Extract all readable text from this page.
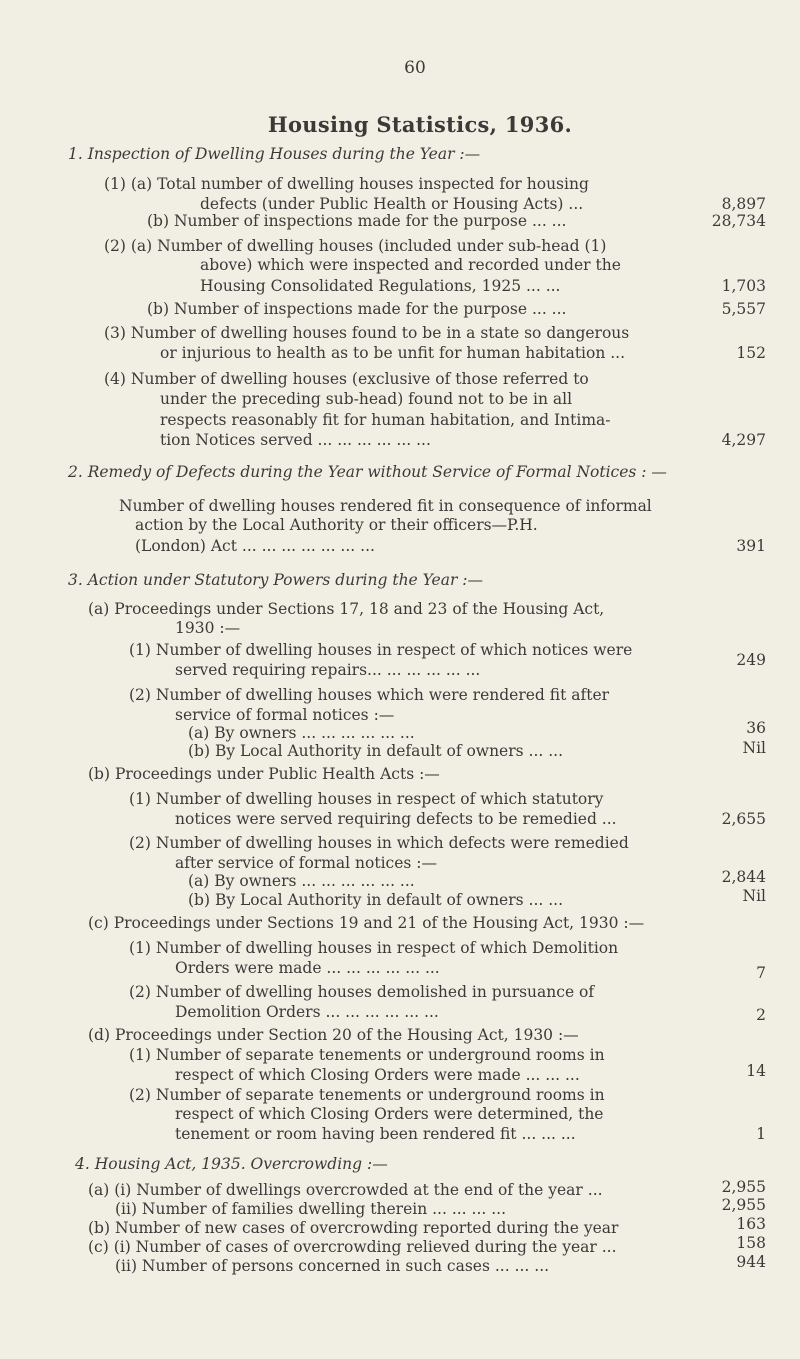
60
Housing Statistics, 1936.
1. Inspection of Dwelling Houses during the Year :—
(1) (a) Total number of dwelling houses inspected for housing
defects (under Public Health or Housing Acts) ...	8,897
(b) Number of inspections made for the purpose ... ...	28,734
(2) (a) Number of dwelling houses (included under sub-head (1)
above) which were inspected and recorded under the
Housing Consolidated Regulations, 1925 ... ...	1,703
(b) Number of inspections made for the purpose ... ...	5,557
(3) Number of dwelling houses found to be in a state so dangerous
or injurious to health as to be unfit for human habitation ...	152
(4) Number of dwelling houses (exclusive of those referred to
under the preceding sub-head) found not to be in all
respects reasonably fit for human habitation, and Intima-
tion Notices served ... ... ... ... ... ...	4,297
2. Remedy of Defects during the Year without Service of Formal Notices : —
Number of dwelling houses rendered fit in consequence of informal
action by the Local Authority or their officers—P.H.
(London) Act ... ... ... ... ... ... ...	391
3. Action under Statutory Powers during the Year :—
(a) Proceedings under Sections 17, 18 and 23 of the Housing Act,
1930 :—
(1) Number of dwelling houses in respect of which notices were
served requiring repairs... ... ... ... ... ...
249
(2) Number of dwelling houses which were rendered fit after
service of formal notices :—
(a) By owners ... ... ... ... ... ...	36
(b) By Local Authority in default of owners ... ...	Nil
(b) Proceedings under Public Health Acts :—
(1) Number of dwelling houses in respect of which statutory
notices were served requiring defects to be remedied ...	2,655
(2) Number of dwelling houses in which defects were remedied
after service of formal notices :—
(a) By owners ... ... ... ... ... ...	2,844
(b) By Local Authority in default of owners ... ...	Nil
(c) Proceedings under Sections 19 and 21 of the Housing Act, 1930 :—
(1) Number of dwelling houses in respect of which Demolition
Orders were made ... ... ... ... ... ...	7
(2) Number of dwelling houses demolished in pursuance of
Demolition Orders ... ... ... ... ... ...	2
(d) Proceedings under Section 20 of the Housing Act, 1930 :—
(1) Number of separate tenements or underground rooms in
respect of which Closing Orders were made ... ... ...	14
(2) Number of separate tenements or underground rooms in
respect of which Closing Orders were determined, the
tenement or room having been rendered fit ... ... ...	1
4. Housing Act, 1935. Overcrowding :—
(a) (i) Number of dwellings overcrowded at the end of the year ...	2,955
(ii) Number of families dwelling therein ... ... ... ...	2,955
(b) Number of new cases of overcrowding reported during the year	163
(c) (i) Number of cases of overcrowding relieved during the year ...	158
(ii) Number of persons concerned in such cases ... ... ...	944
